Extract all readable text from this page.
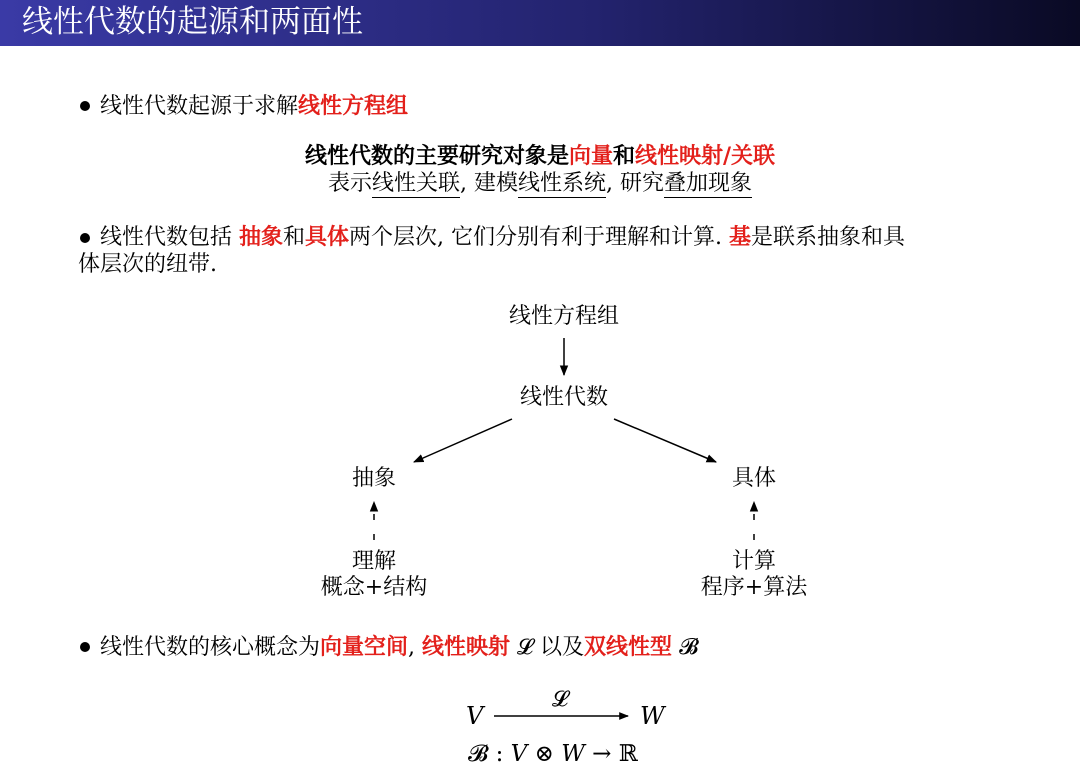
线性代数的起源和两面性
线性代数起源于求解线性方程组
线性代数的主要研究对象是向量和线性映射/关联
表示线性关联, 建模线性系统, 研究叠加现象
线性代数包括 抽象和具体两个层次, 它们分别有利于理解和计算. 基是联系抽象和具
体层次的纽带.
线性方程组
线性代数
抽象	具体
理解
概念+结构
计算
程序+算法
线性代数的核心概念为向量空间, 线性映射 𝓛 以及双线性型 𝓑
V
𝓛
W
𝓑 : V ⊗ W → ℝ
